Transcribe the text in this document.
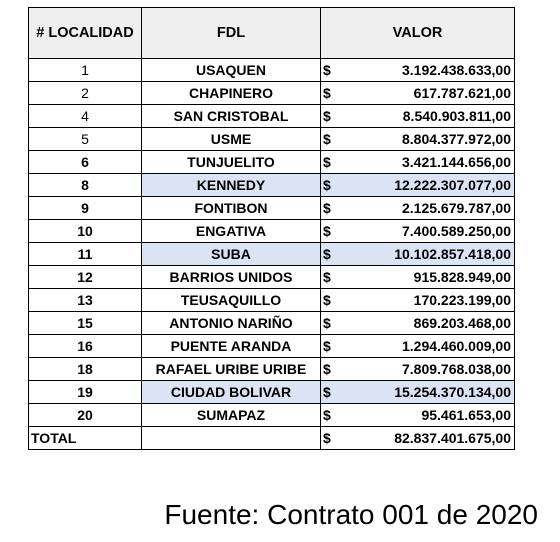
# LOCALIDAD	FDL	VALOR
1	USAQUEN	$ 3.192.438.633,00

2	CHAPINERO	$ 617.787.621,00

4	SAN CRISTOBAL	$ 8.540.903.811,00

5	USME	$ 8.804.377.972,00

6	TUNJUELITO	$ 3.421.144.656,00

8	KENNEDY	$ 12.222.307.077,00

9	FONTIBON	$ 2.125.679.787,00

10	ENGATIVA	$ 7.400.589.250,00

11	SUBA	$ 10.102.857.418,00

12	BARRIOS UNIDOS	$ 915.828.949,00

13	TEUSAQUILLO	$ 170.223.199,00

15	ANTONIO NARIÑO	$ 869.203.468,00

16	PUENTE ARANDA	$ 1.294.460.009,00

18	RAFAEL URIBE URIBE	$ 7.809.768.038,00

19	CIUDAD BOLIVAR	$ 15.254.370.134,00

20	SUMAPAZ	$ 95.461.653,00

TOTAL		$ 82.837.401.675,00
Fuente: Contrato 001 de 2020
